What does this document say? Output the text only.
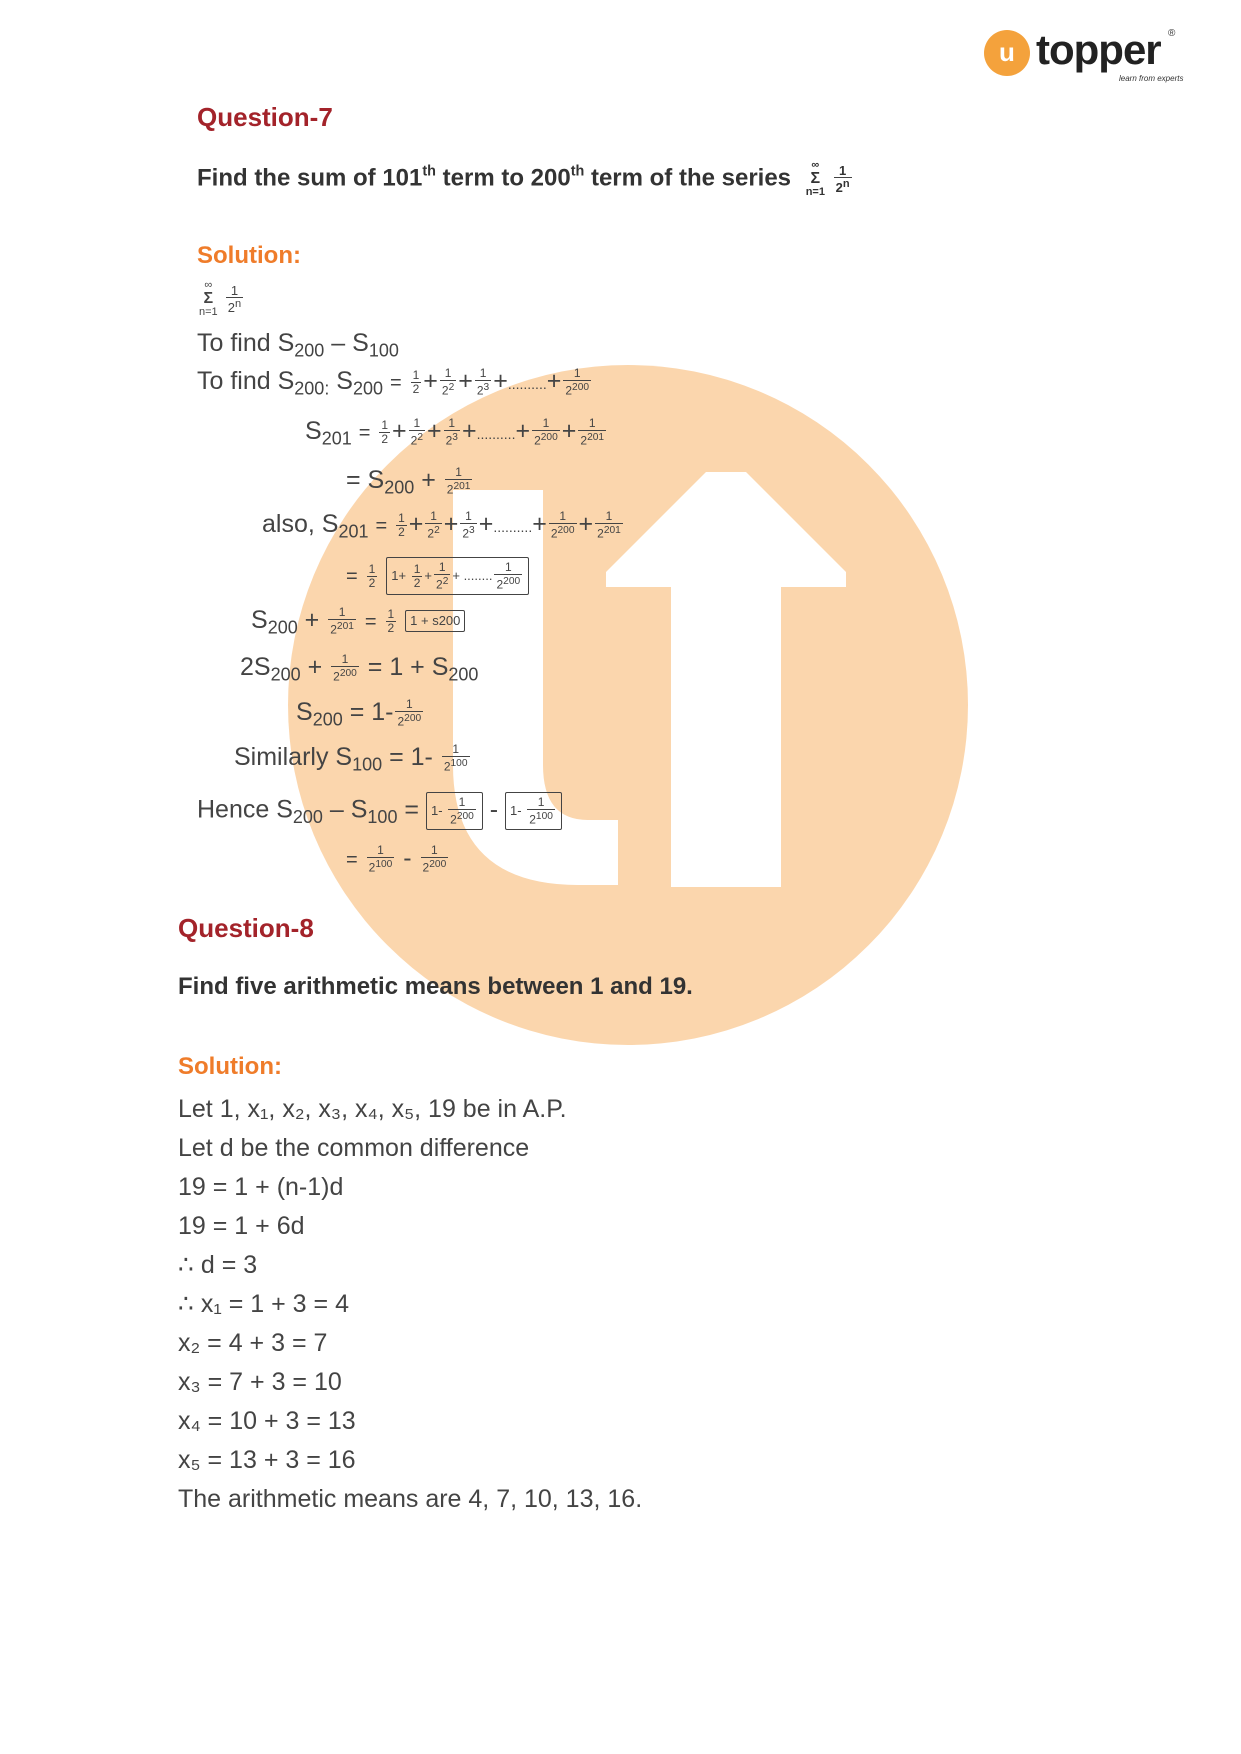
u topper ®
learn from experts
Question-7
Find the sum of 101th term to 200th term of the series ∞
Σ
$n=1 \frac{1}{2^n}$
Solution:
∞
Σ
$n=1 \frac{1}{2^n}$
To find $S_{200} - S_{100}$
To find $S_{200:}$ $S_{200} = \frac{1}{2} + \frac{1}{2^2} + \frac{1}{2^3}$ +..........+ $\frac{1}{2^{200}}$
$S_{201} = \frac{1}{2} + \frac{1}{2^2} + \frac{1}{2^3}$ +..........+ $\frac{1}{2^{200}} + \frac{1}{2^{201}}$
= $S_{200} + \frac{1}{2^{201}}$
also, $S_{201} = \frac{1}{2} + \frac{1}{2^2} + \frac{1}{2^3}$ +..........+ $\frac{1}{2^{200}} + \frac{1}{2^{201}}$
= $\frac{1}{2} 1+ \frac{1}{2} + \frac{1}{2^2}$ + ........ $\frac{1}{2^{200}}$
$S_{200} + \frac{1}{2^{201}} = \frac{1}{2} 1 + s200$
$2S_{200} + \frac{1}{2^{200}} = 1 + S_{200}$
$S_{200} = 1- \frac{1}{2^{200}}$
Similarly $S_{100} = 1- \frac{1}{2^{100}}$
Hence $S_{200} - S_{100} = 1- \frac{1}{2^{200}} - 1- \frac{1}{2^{100}}$
= $\frac{1}{2^{100}} - \frac{1}{2^{200}}$
Question-8
Find five arithmetic means between 1 and 19.
Solution:
Let 1, x₁, x₂, x₃, x₄, x₅, 19 be in A.P.
Let d be the common difference
19 = 1 + (n-1)d
19 = 1 + 6d
∴ d = 3
∴ x₁ = 1 + 3 = 4
x₂ = 4 + 3 = 7
x₃ = 7 + 3 = 10
x₄ = 10 + 3 = 13
x₅ = 13 + 3 = 16
The arithmetic means are 4, 7, 10, 13, 16.
